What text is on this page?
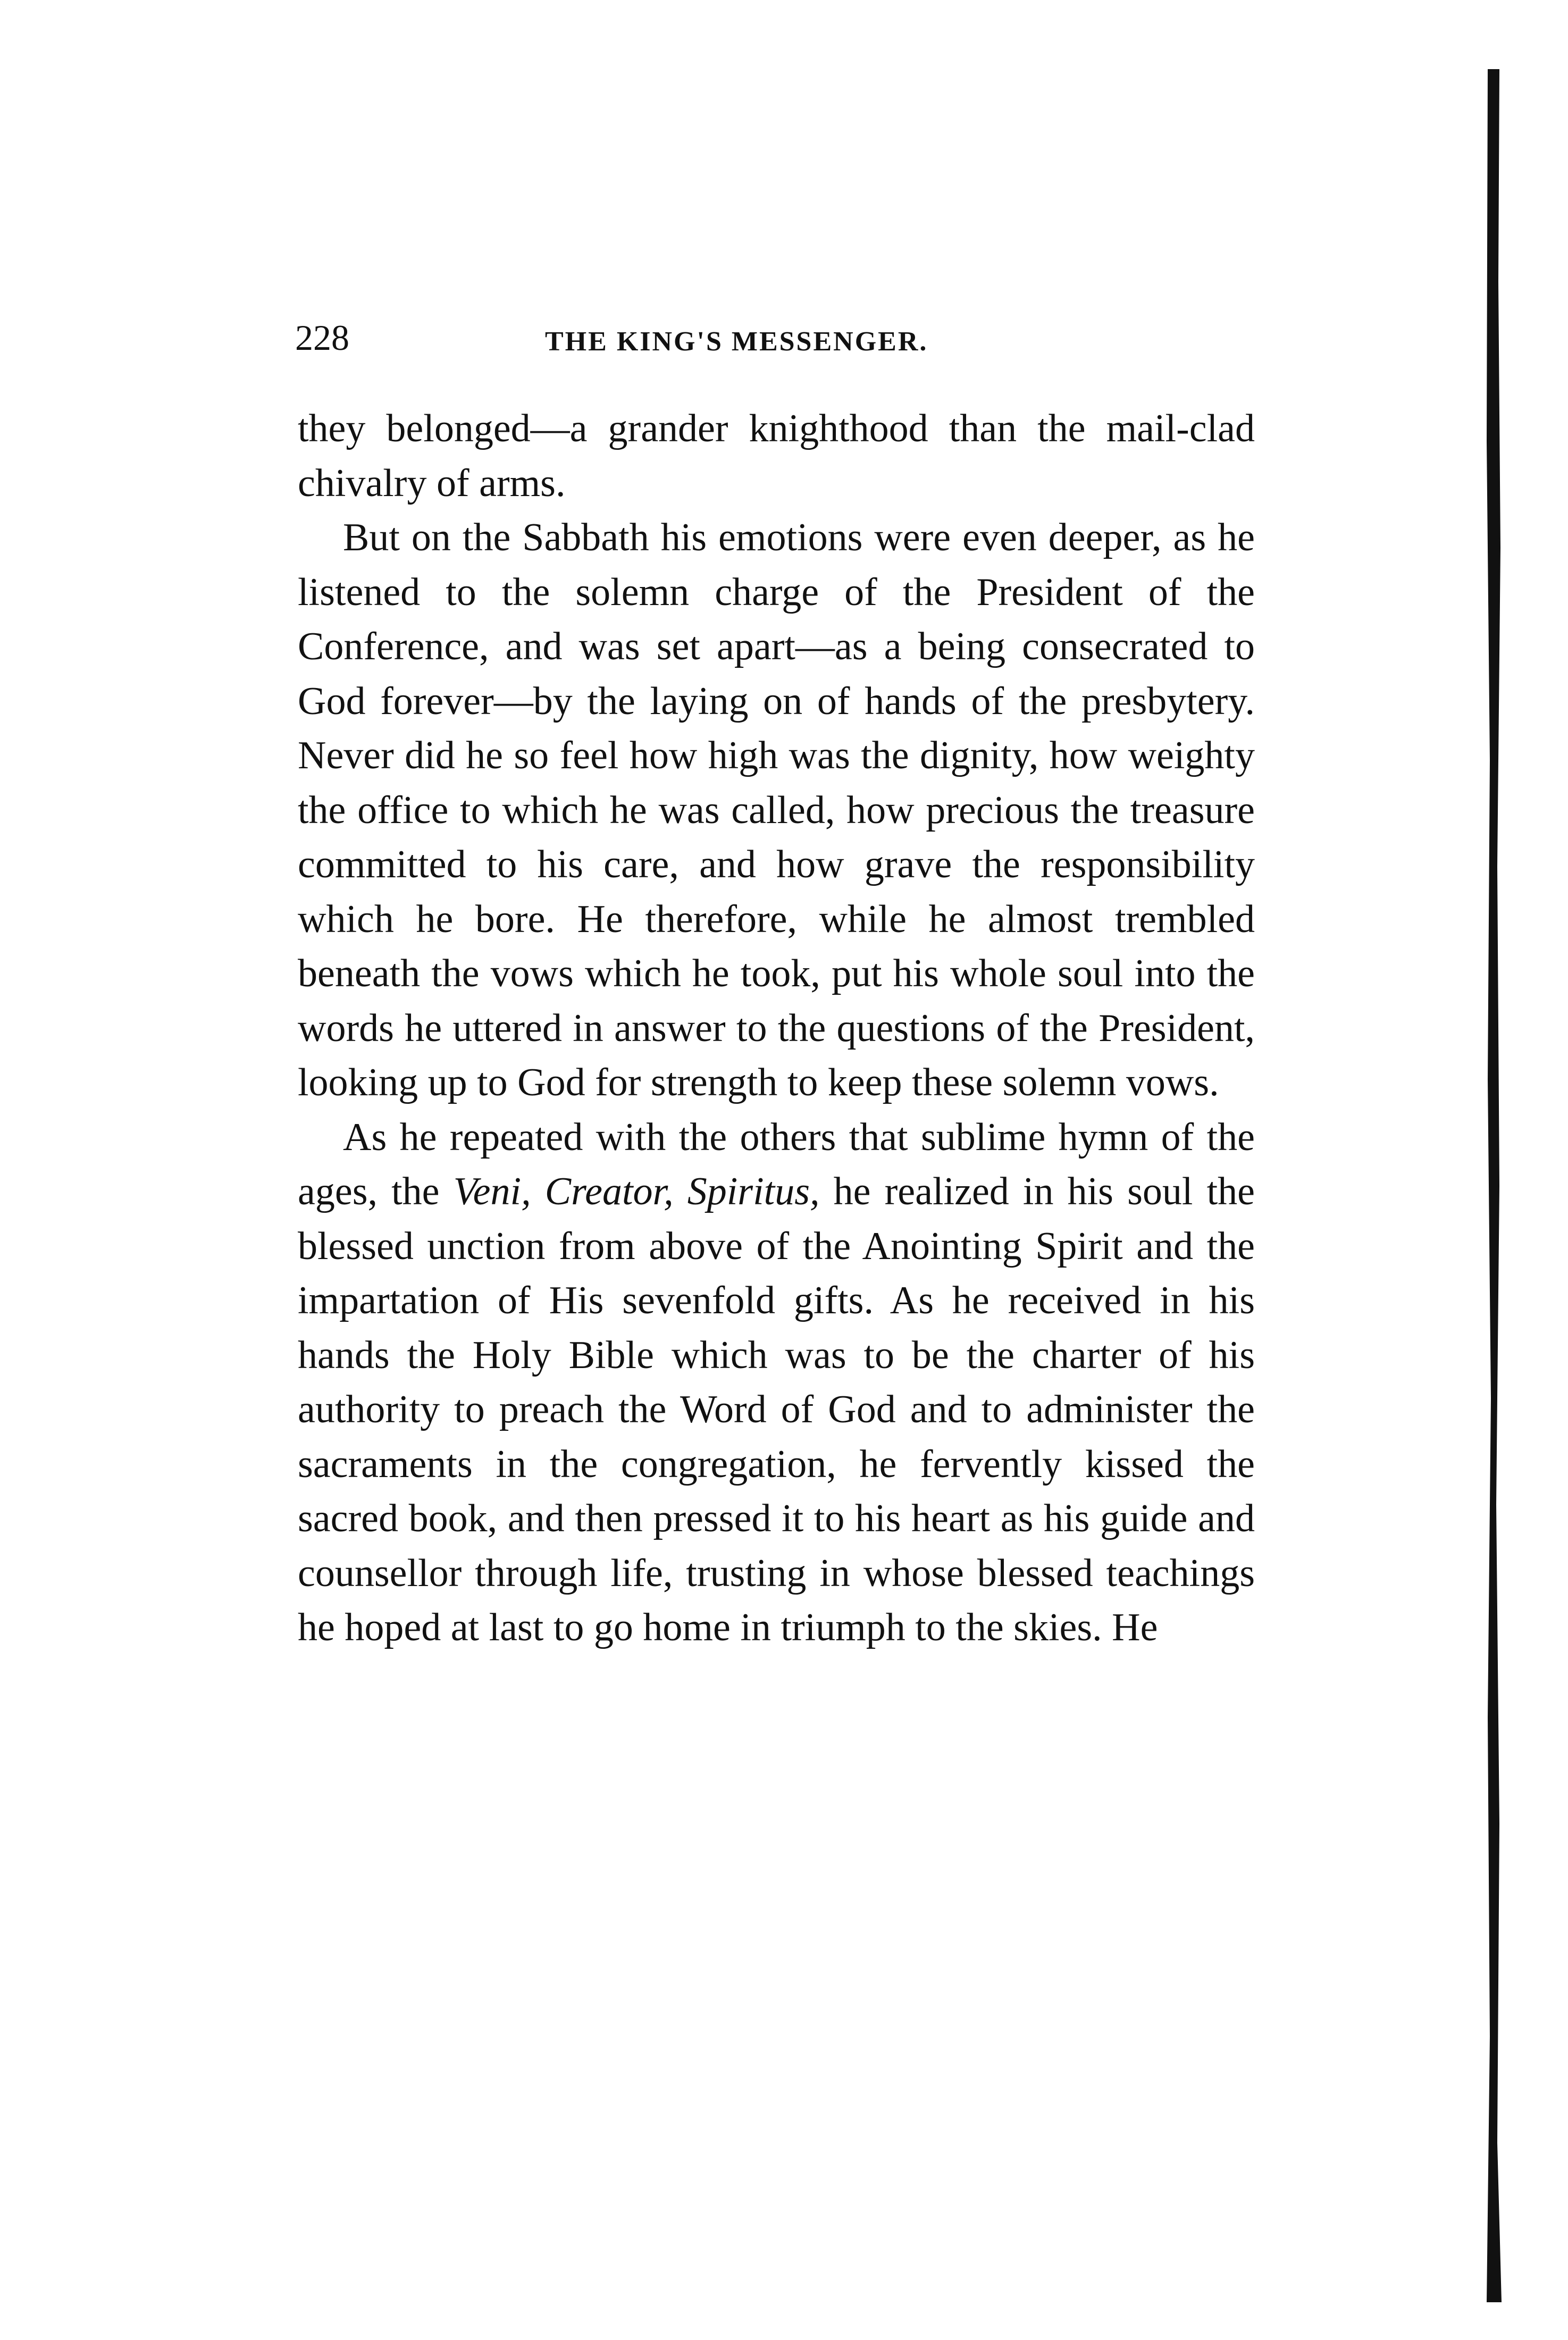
228	THE KING'S MESSENGER.

they belonged—a grander knighthood than the mail-clad chivalry of arms.

But on the Sabbath his emotions were even deeper, as he listened to the solemn charge of the President of the Conference, and was set apart—as a being consecrated to God forever—by the laying on of hands of the presbytery. Never did he so feel how high was the dignity, how weighty the office to which he was called, how precious the treasure committed to his care, and how grave the responsibility which he bore. He therefore, while he almost trembled beneath the vows which he took, put his whole soul into the words he uttered in answer to the questions of the President, looking up to God for strength to keep these solemn vows.

As he repeated with the others that sublime hymn of the ages, the Veni, Creator, Spiritus, he realized in his soul the blessed unction from above of the Anointing Spirit and the impartation of His sevenfold gifts. As he received in his hands the Holy Bible which was to be the charter of his authority to preach the Word of God and to administer the sacraments in the congregation, he fervently kissed the sacred book, and then pressed it to his heart as his guide and counsellor through life, trusting in whose blessed teachings he hoped at last to go home in triumph to the skies. He
